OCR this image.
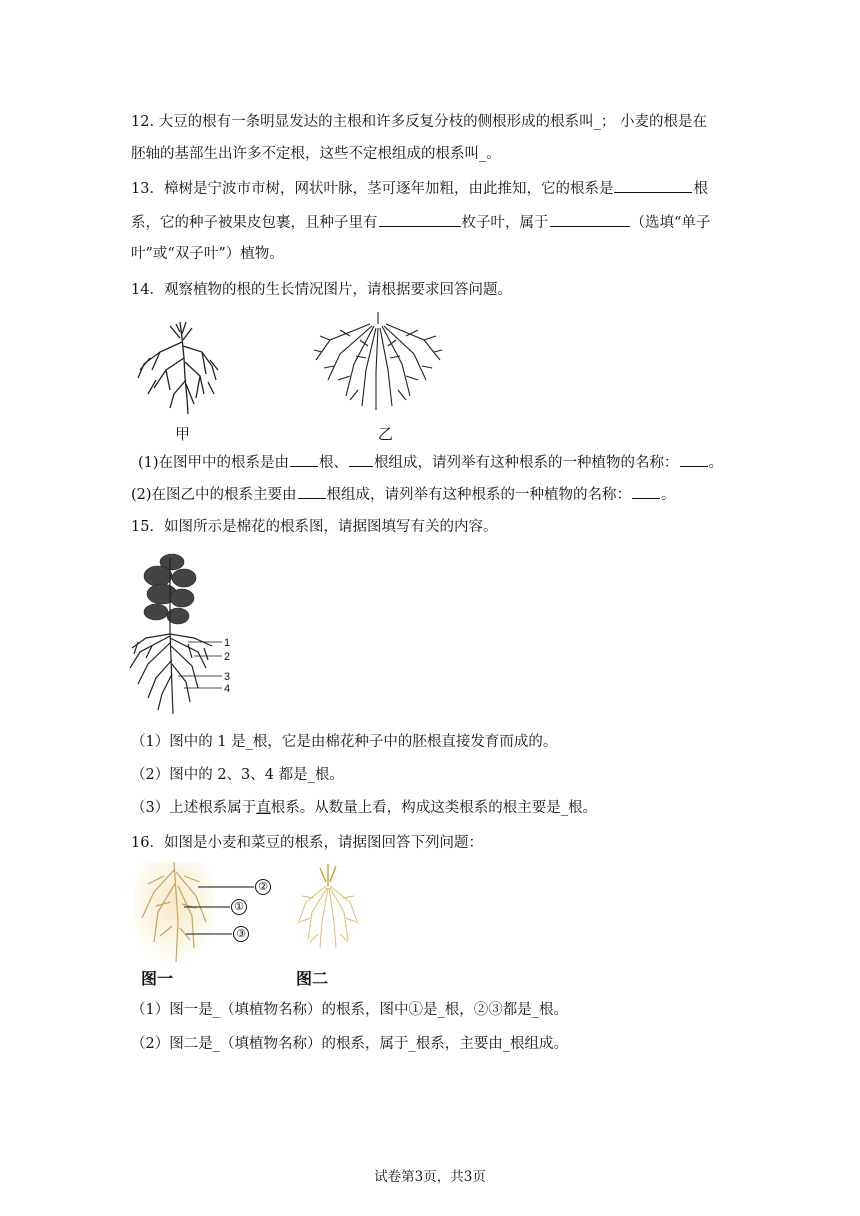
12. 大豆的根有一条明显发达的主根和许多反复分枝的侧根形成的根系叫_； 小麦的根是在
胚轴的基部生出许多不定根，这些不定根组成的根系叫_。
13．樟树是宁波市市树，网状叶脉，茎可逐年加粗，由此推知，它的根系是	根
系，它的种子被果皮包裹，且种子里有	枚子叶，属于	（选填“单子
叶”或“双子叶”）植物。
14．观察植物的根的生长情况图片，请根据要求回答问题。
甲	乙
(1)在图甲中的根系是由 根、 根组成，请列举有这种根系的一种植物的名称： 。
(2)在图乙中的根系主要由 根组成，请列举有这种根系的一种植物的名称： 。
15．如图所示是棉花的根系图，请据图填写有关的内容。
1
2
3
4
（1）图中的 1 是_根，它是由棉花种子中的胚根直接发育而成的。
（2）图中的 2、3、4 都是_根。
（3）上述根系属于直根系。从数量上看，构成这类根系的根主要是_根。
16．如图是小麦和菜豆的根系，请据图回答下列问题：
②
①
③
图一	图二
（1）图一是_（填植物名称）的根系，图中①是_根，②③都是_根。
（2）图二是_（填植物名称）的根系，属于_根系，主要由_根组成。
试卷第3页，共3页
